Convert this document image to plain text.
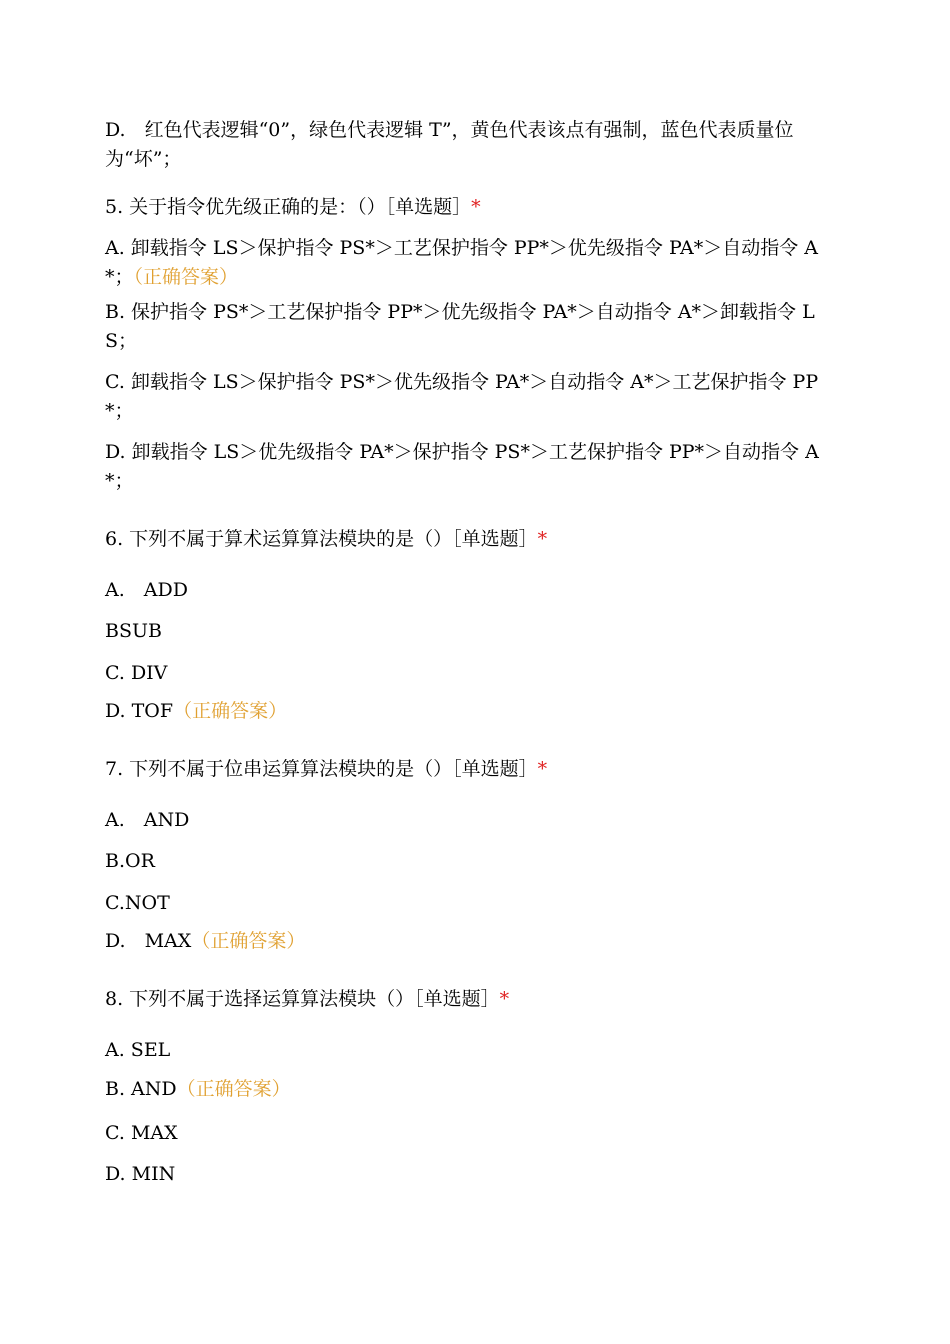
D.　红色代表逻辑“0”，绿色代表逻辑 T”，黄色代表该点有强制，蓝色代表质量位为“坏”；
5. 关于指令优先级正确的是：（）［单选题］*
A. 卸载指令 LS＞保护指令 PS*＞工艺保护指令 PP*＞优先级指令 PA*＞自动指令 A*；（正确答案）
B. 保护指令 PS*＞工艺保护指令 PP*＞优先级指令 PA*＞自动指令 A*＞卸载指令 LS；
C. 卸载指令 LS＞保护指令 PS*＞优先级指令 PA*＞自动指令 A*＞工艺保护指令 PP*；
D. 卸载指令 LS＞优先级指令 PA*＞保护指令 PS*＞工艺保护指令 PP*＞自动指令 A*；
6. 下列不属于算术运算算法模块的是（）［单选题］*
A.　ADD
BSUB
C. DIV
D. TOF（正确答案）
7. 下列不属于位串运算算法模块的是（）［单选题］*
A.　AND
B.OR
C.NOT
D.　MAX（正确答案）
8. 下列不属于选择运算算法模块（）［单选题］*
A. SEL
B. AND（正确答案）
C. MAX
D. MIN
